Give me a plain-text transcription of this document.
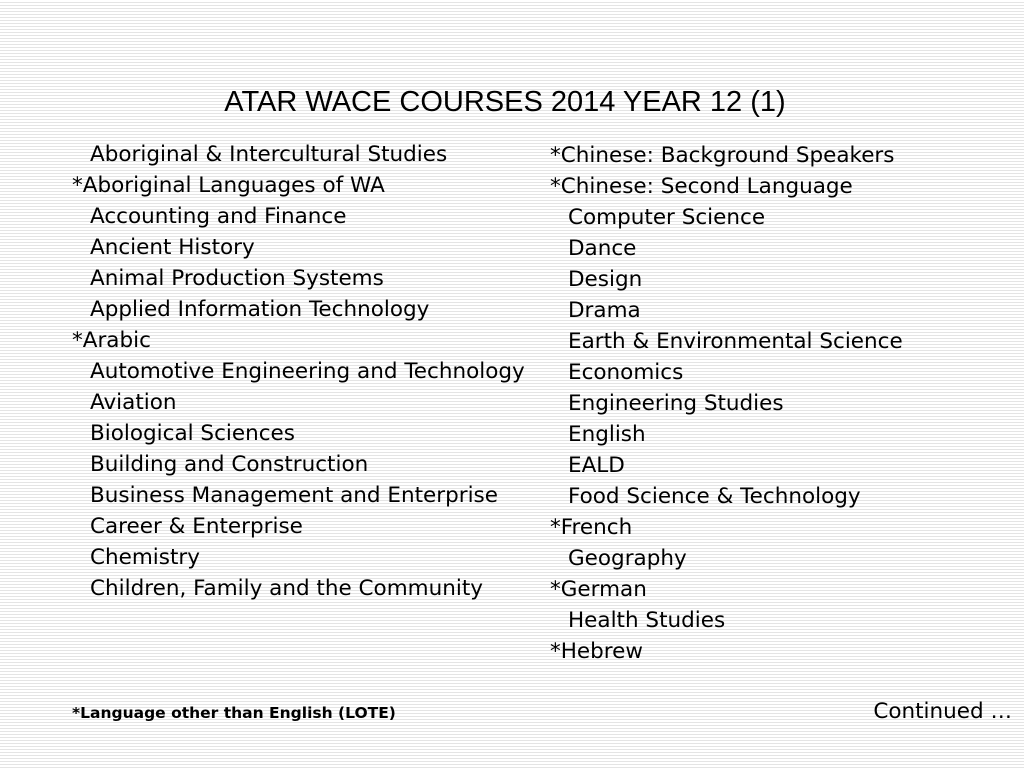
ATAR WACE COURSES 2014 YEAR 12 (1)
Aboriginal & Intercultural Studies
*Aboriginal Languages of WA
Accounting and Finance
Ancient History
Animal Production Systems
Applied Information Technology
*Arabic
Automotive Engineering and Technology
Aviation
Biological Sciences
Building and Construction
Business Management and Enterprise
Career & Enterprise
Chemistry
Children, Family and the Community
*Chinese: Background Speakers
*Chinese: Second Language
Computer Science
Dance
Design
Drama
Earth & Environmental Science
Economics
Engineering Studies
English
EALD
Food Science & Technology
*French
Geography
*German
Health Studies
*Hebrew
*Language other than English (LOTE)	Continued …
